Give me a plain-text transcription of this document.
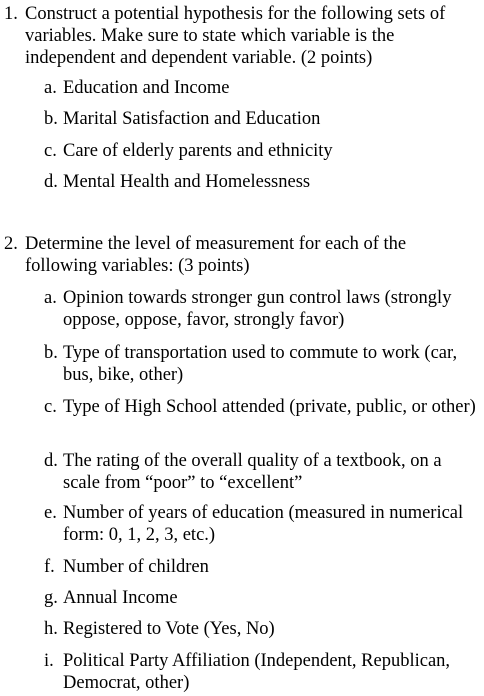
1. Construct a potential hypothesis for the following sets of variables. Make sure to state which variable is the independent and dependent variable. (2 points)
a. Education and Income
b. Marital Satisfaction and Education
c. Care of elderly parents and ethnicity
d. Mental Health and Homelessness
2. Determine the level of measurement for each of the following variables: (3 points)
a. Opinion towards stronger gun control laws (strongly oppose, oppose, favor, strongly favor)
b. Type of transportation used to commute to work (car, bus, bike, other)
c. Type of High School attended (private, public, or other)
d. The rating of the overall quality of a textbook, on a scale from “poor” to “excellent”
e. Number of years of education (measured in numerical form: 0, 1, 2, 3, etc.)
f. Number of children
g. Annual Income
h. Registered to Vote (Yes, No)
i. Political Party Affiliation (Independent, Republican, Democrat, other)
